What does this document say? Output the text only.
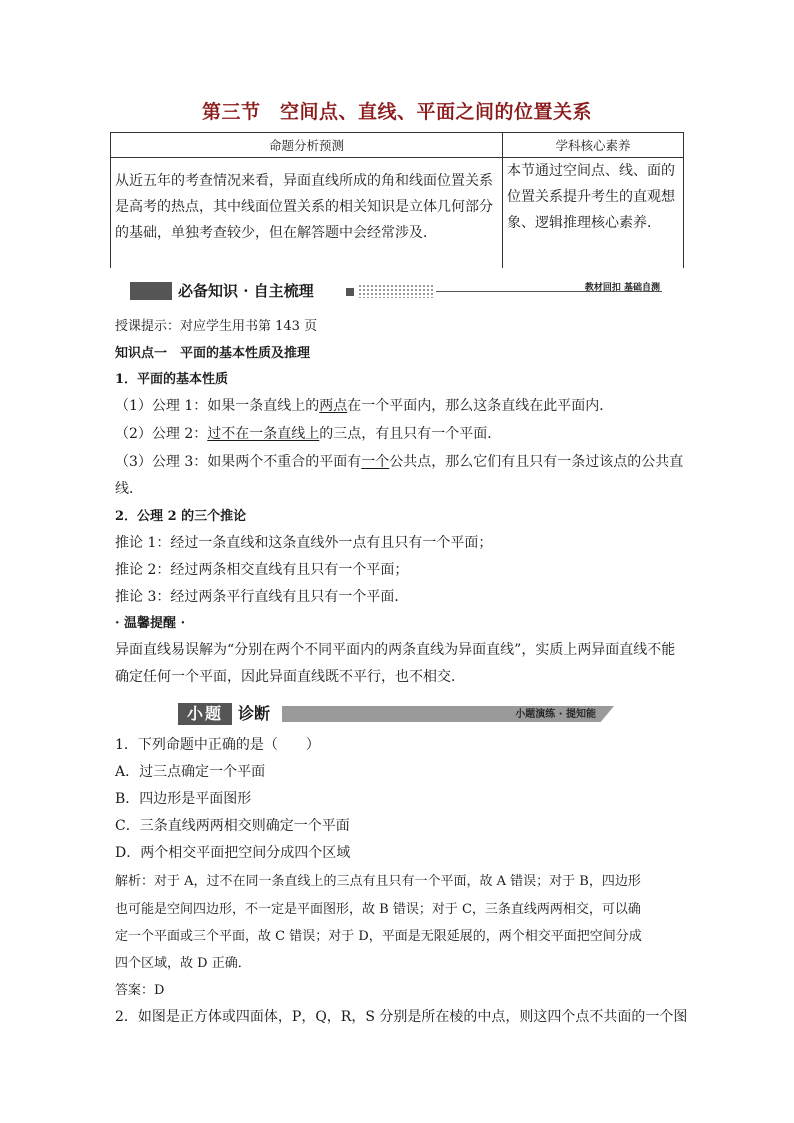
第三节　空间点、直线、平面之间的位置关系
命题分析预测	学科核心素养
从近五年的考查情况来看，异面直线所成的角和线面位置关系是高考的热点，其中线面位置关系的相关知识是立体几何部分的基础，单独考查较少，但在解答题中会经常涉及．	本节通过空间点、线、面的位置关系提升考生的直观想象、逻辑推理核心素养．
必备知识 · 自主梳理	教材回扣 基础自测
授课提示：对应学生用书第 143 页
知识点一　平面的基本性质及推理
1．平面的基本性质
（1）公理 1：如果一条直线上的两点在一个平面内，那么这条直线在此平面内．
（2）公理 2：过不在一条直线上的三点，有且只有一个平面．
（3）公理 3：如果两个不重合的平面有一个公共点，那么它们有且只有一条过该点的公共直
线．
2．公理 2 的三个推论
推论 1：经过一条直线和这条直线外一点有且只有一个平面；
推论 2：经过两条相交直线有且只有一个平面；
推论 3：经过两条平行直线有且只有一个平面．
· 温馨提醒 ·
异面直线易误解为“分别在两个不同平面内的两条直线为异面直线”，实质上两异面直线不能
确定任何一个平面，因此异面直线既不平行，也不相交．
小题 诊断	小题演练 · 提知能
1．下列命题中正确的是（　　）
A．过三点确定一个平面
B．四边形是平面图形
C．三条直线两两相交则确定一个平面
D．两个相交平面把空间分成四个区域
解析：对于 A，过不在同一条直线上的三点有且只有一个平面，故 A 错误；对于 B，四边形
也可能是空间四边形，不一定是平面图形，故 B 错误；对于 C，三条直线两两相交，可以确
定一个平面或三个平面，故 C 错误；对于 D，平面是无限延展的，两个相交平面把空间分成
四个区域，故 D 正确．
答案：D
2．如图是正方体或四面体，P，Q，R，S 分别是所在棱的中点，则这四个点不共面的一个图
